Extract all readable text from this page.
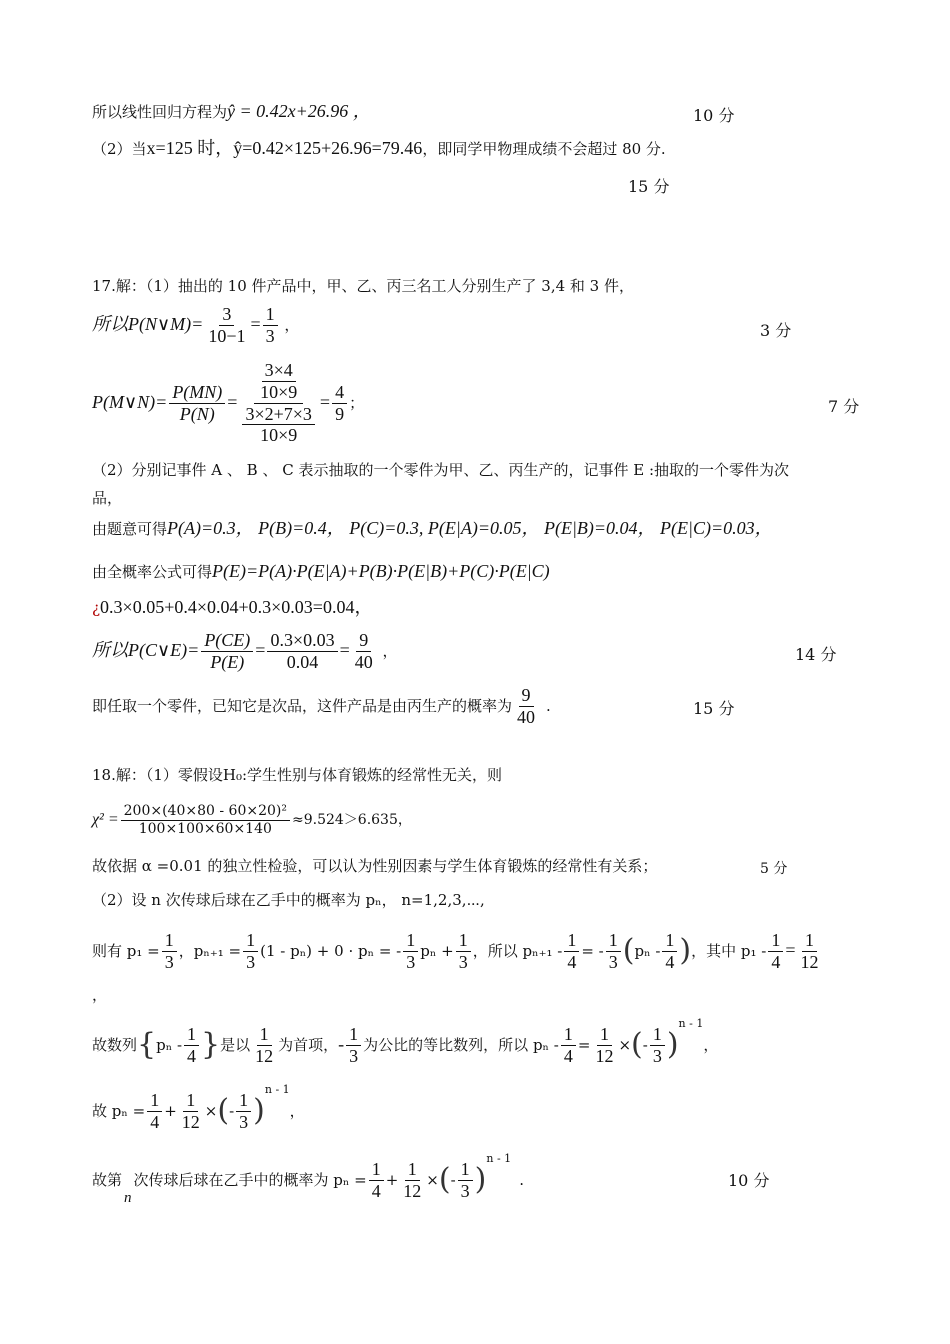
所以线性回归方程为ŷ = 0.42x+26.96 ，	10 分
（2）当x=125 时，ŷ=0.42×125+26.96=79.46，即同学甲物理成绩不会超过 80 分.
15 分
17.解：（1）抽出的 10 件产品中，甲、乙、丙三名工人分别生产了 3,4 和 3 件，
所以P(N∨M)= $\frac{3}{10-1} = \frac{1}{3}$ ，	3 分
P(M∨N)= $\frac{P(MN)}{P(N)} = \frac{\frac{3\times 4}{10\times 9}}{\frac{3\times 2+7\times 3}{10\times 9}} = \frac{4}{9}$ ；	7 分
（2）分别记事件 A 、 B 、 C 表示抽取的一个零件为甲、乙、丙生产的，记事件 E :抽取的一个零件为次
品，
由题意可得P(A)=0.3， P(B)=0.4， P(C)=0.3, P(E|A)=0.05， P(E|B)=0.04， P(E|C)=0.03，
由全概率公式可得P(E)=P(A)·P(E|A)+P(B)·P(E|B)+P(C)·P(E|C)
¿0.3×0.05+0.4×0.04+0.3×0.03=0.04，
所以P(C∨E)= $\frac{P(CE)}{P(E)} = \frac{0.3\times 0.03}{0.04} = \frac{9}{40}$ ，	14 分
即任取一个零件，已知它是次品，这件产品是由丙生产的概率为 $\frac{9}{40}$ .	15 分
18.解：（1）零假设H₀:学生性别与体育锻炼的经常性无关，则
$\chi^2 = \frac{\text{200×(40×80 - 60×20)²}}{100\times 100\times 60\times 140} \approx 9.524>6.635$，
故依据 α =0.01 的独立性检验，可以认为性别因素与学生体育锻炼的经常性有关系；	5 分
（2）设 n 次传球后球在乙手中的概率为 pₙ， n=1,2,3,⋯,
则有 $p_1 = \frac{1}{3}$ ，$p_{n+1} = \frac{1}{3} (1 - p_n) + 0 \cdot p_n$ = - $\frac{1}{3}$ $p_n + \frac{1}{3}$ ，所以 $p_{n+1} - \frac{1}{4}$ = - $\frac{1}{3}$ ( pₙ - $\frac{1}{4}$ ) ，其中 $p_1 - \frac{1}{4} = \frac{1}{12}$
，
故数列 { pₙ - $\frac{1}{4}$ } 是以 $\frac{1}{12}$ 为首项， - $\frac{1}{3}$ 为公比的等比数列，所以 $p_n - \frac{1}{4} = \frac{1}{12}$ × ( - $\frac{1}{3}$ )
$^{n - 1}$
，
故 $p_n = \frac{1}{4} + \frac{1}{12}$ × ( - $\frac{1}{3}$ )
$^{n - 1}$
，
故第
n
次传球后球在乙手中的概率为 $p_n = \frac{1}{4} + \frac{1}{12}$ × ( - $\frac{1}{3}$ )
$^{n - 1}$
.	10 分
